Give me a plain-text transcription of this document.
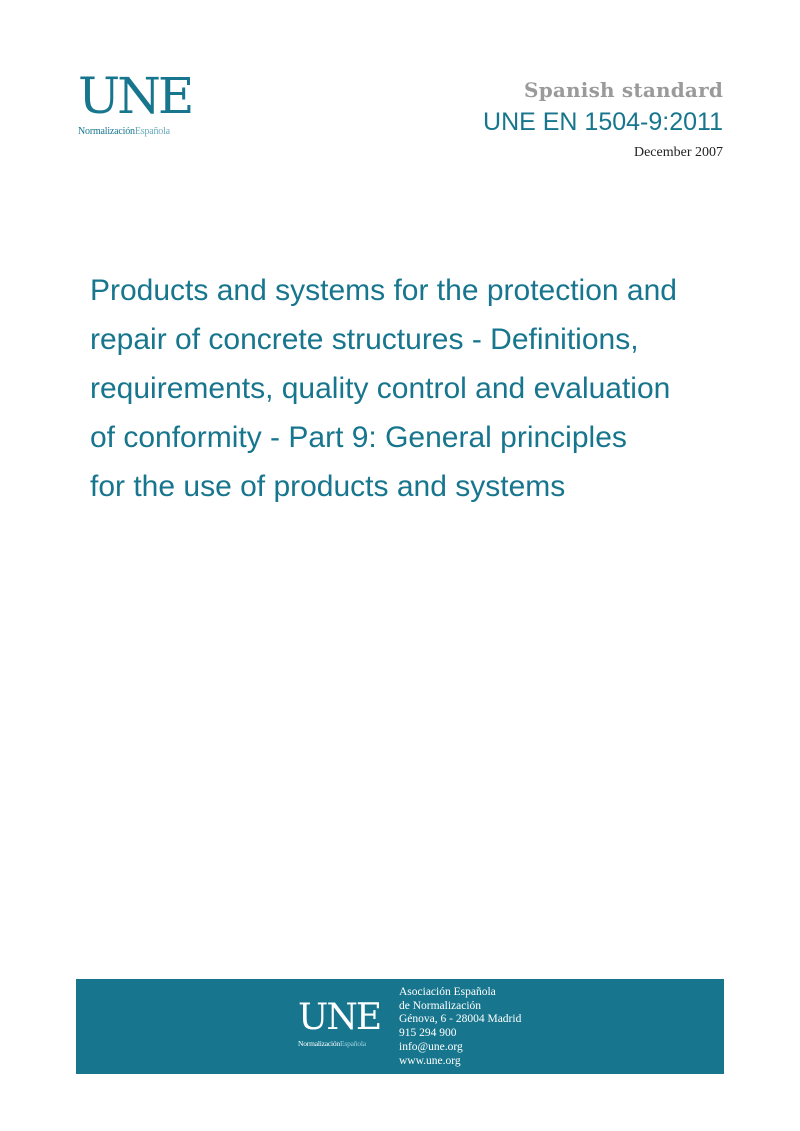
UNE
NormalizaciónEspañola
Spanish standard
UNE EN 1504-9:2011
December 2007
Products and systems for the protection and
repair of concrete structures - Definitions,
requirements, quality control and evaluation
of conformity - Part 9: General principles
for the use of products and systems
UNE
NormalizaciónEspañola
Asociación Española
de Normalización
Génova, 6 - 28004 Madrid
915 294 900
info@une.org
www.une.org
